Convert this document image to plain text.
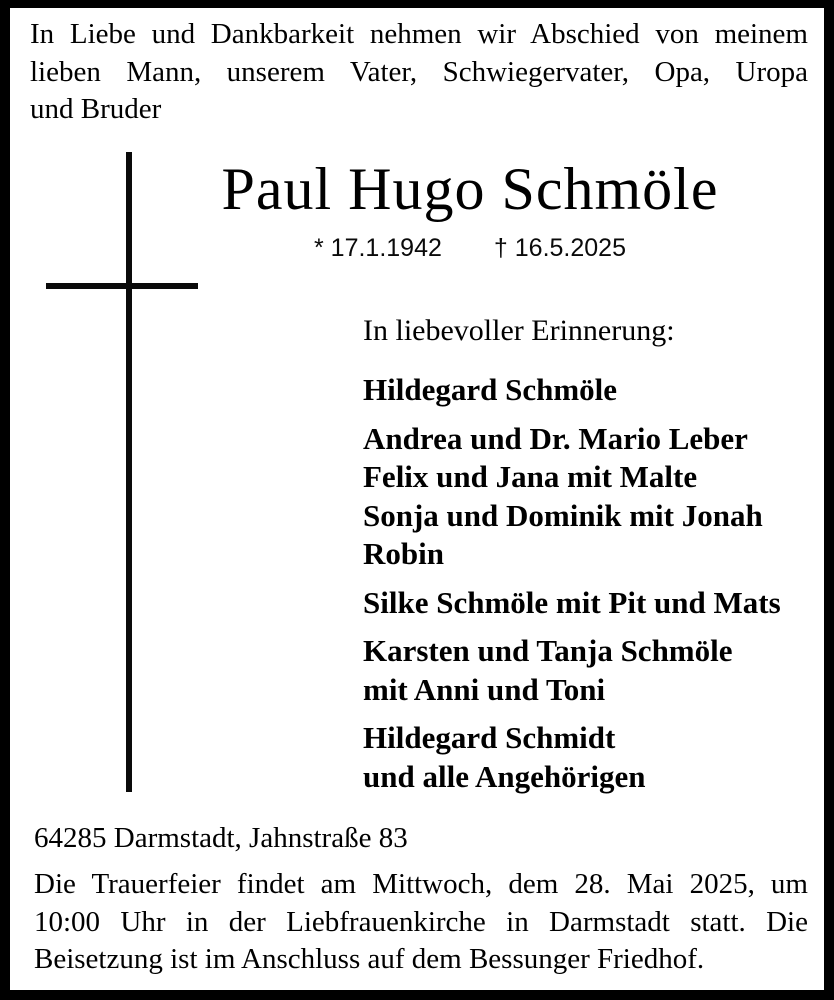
In Liebe und Dankbarkeit nehmen wir Abschied von meinem
lieben Mann, unserem Vater, Schwiegervater, Opa, Uropa
und Bruder
Paul Hugo Schmöle
* 17.1.1942 † 16.5.2025

In liebevoller Erinnerung:

Hildegard Schmöle
Andrea und Dr. Mario Leber
Felix und Jana mit Malte
Sonja und Dominik mit Jonah
Robin
Silke Schmöle mit Pit und Mats
Karsten und Tanja Schmöle
mit Anni und Toni
Hildegard Schmidt
und alle Angehörigen

64285 Darmstadt, Jahnstraße 83

Die Trauerfeier findet am Mittwoch, dem 28. Mai 2025, um
10:00 Uhr in der Liebfrauenkirche in Darmstadt statt. Die
Beisetzung ist im Anschluss auf dem Bessunger Friedhof.
